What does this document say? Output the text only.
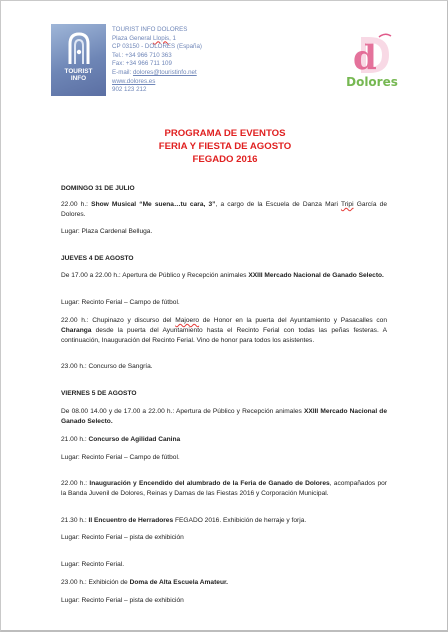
TOURIST
INFO
TOURIST INFO DOLORES
Plaza General Llopis, 1
CP 03150 - DOLORES (España)
Tel.: +34 966 710 363
Fax: +34 966 711 109
E-mail: dolores@touristinfo.net
www.dolores.es
902 123 212
d
Dolores
PROGRAMA DE EVENTOS
FERIA Y FIESTA DE AGOSTO
FEGADO 2016
DOMINGO 31 DE JULIO
22.00 h.: Show Musical “Me suena…tu cara, 3”, a cargo de la Escuela de Danza Mari Tripi García de Dolores.
Lugar: Plaza Cardenal Belluga.
JUEVES 4 DE AGOSTO
De 17.00 a 22.00 h.: Apertura de Público y Recepción animales XXIII Mercado Nacional de Ganado Selecto.
Lugar: Recinto Ferial – Campo de fútbol.
22.00 h.: Chupinazo y discurso del Majoero de Honor en la puerta del Ayuntamiento y Pasacalles con Charanga desde la puerta del Ayuntamiento hasta el Recinto Ferial con todas las peñas festeras. A continuación, Inauguración del Recinto Ferial. Vino de honor para todos los asistentes.
23.00 h.: Concurso de Sangría.
VIERNES 5 DE AGOSTO
De 08.00 14.00 y de 17.00 a 22.00 h.: Apertura de Público y Recepción animales XXIII Mercado Nacional de Ganado Selecto.
21.00 h.: Concurso de Agilidad Canina
Lugar: Recinto Ferial – Campo de fútbol.
22.00 h.: Inauguración y Encendido del alumbrado de la Feria de Ganado de Dolores, acompañados por la Banda Juvenil de Dolores, Reinas y Damas de las Fiestas 2016 y Corporación Municipal.
21.30 h.: II Encuentro de Herradores FEGADO 2016. Exhibición de herraje y forja.
Lugar: Recinto Ferial – pista de exhibición
Lugar: Recinto Ferial.
23.00 h.: Exhibición de Doma de Alta Escuela Amateur.
Lugar: Recinto Ferial – pista de exhibición
